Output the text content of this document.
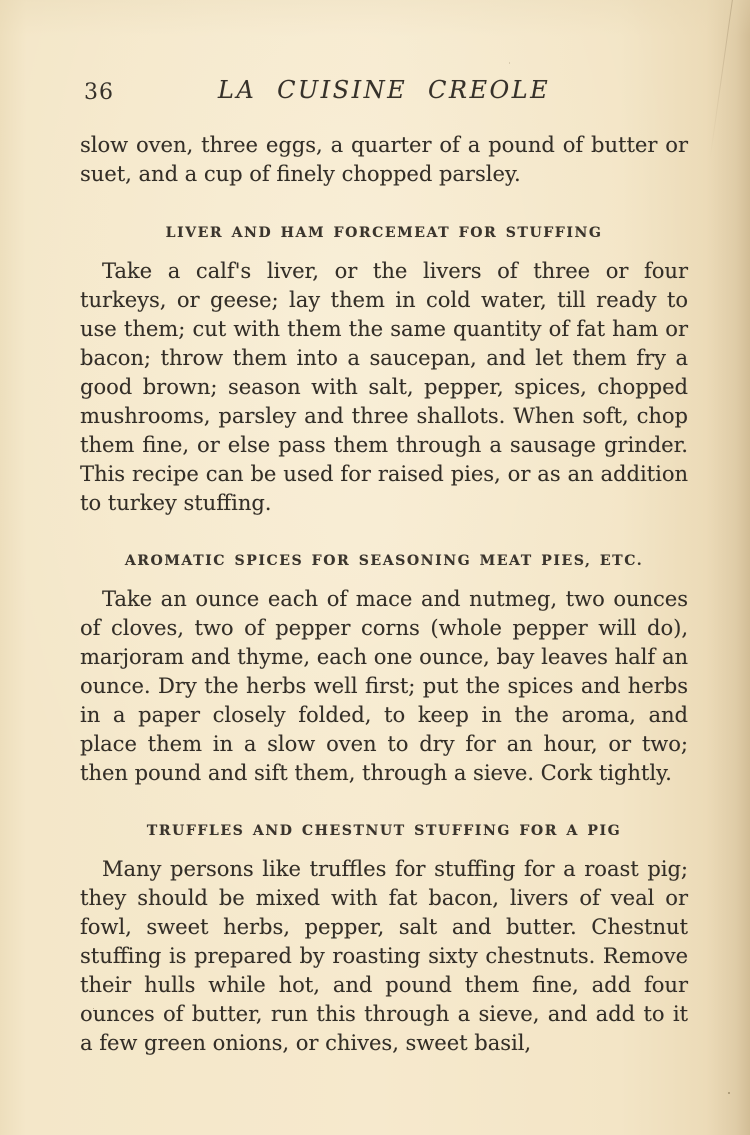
36	LA CUISINE CREOLE

slow oven, three eggs, a quarter of a pound of butter or suet, and a cup of finely chopped parsley.

LIVER AND HAM FORCEMEAT FOR STUFFING

Take a calf's liver, or the livers of three or four turkeys, or geese; lay them in cold water, till ready to use them; cut with them the same quantity of fat ham or bacon; throw them into a saucepan, and let them fry a good brown; season with salt, pepper, spices, chopped mushrooms, parsley and three shallots. When soft, chop them fine, or else pass them through a sausage grinder. This recipe can be used for raised pies, or as an addition to turkey stuffing.

AROMATIC SPICES FOR SEASONING MEAT PIES, ETC.

Take an ounce each of mace and nutmeg, two ounces of cloves, two of pepper corns (whole pepper will do), marjoram and thyme, each one ounce, bay leaves half an ounce. Dry the herbs well first; put the spices and herbs in a paper closely folded, to keep in the aroma, and place them in a slow oven to dry for an hour, or two; then pound and sift them, through a sieve. Cork tightly.

TRUFFLES AND CHESTNUT STUFFING FOR A PIG

Many persons like truffles for stuffing for a roast pig; they should be mixed with fat bacon, livers of veal or fowl, sweet herbs, pepper, salt and butter. Chestnut stuffing is prepared by roasting sixty chestnuts. Remove their hulls while hot, and pound them fine, add four ounces of butter, run this through a sieve, and add to it a few green onions, or chives, sweet basil,
